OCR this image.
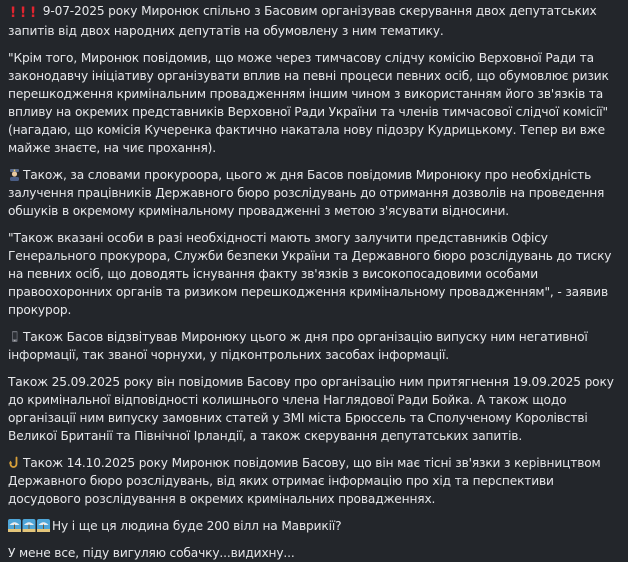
! ! ! 9-07-2025 року Миронюк спільно з Басовим організував скерування двох депутатських запитів від двох народних депутатів на обумовлену з ним тематику.
"Крім того, Миронюк повідомив, що може через тимчасову слідчу комісію Верховної Ради та законодавчу ініціативу організувати вплив на певні процеси певних осіб, що обумовлює ризик перешкодження кримінальним провадженням іншим чином з використанням його зв'язків та впливу на окремих представників Верховної Ради України та членів тимчасової слідчої комісії" (нагадаю, що комісія Кучеренка фактично накатала нову підозру Кудрицькому. Тепер ви вже майже знаєте, на чиє прохання).
Також, за словами прокуроора, цього ж дня Басов повідомив Миронюку про необхідність залучення працівників Державного бюро розслідувань до отримання дозволів на проведення обшуків в окремому кримінальному провадженні з метою з'ясувати відносини.
"Також вказані особи в разі необхідності мають змогу залучити представників Офісу Генерального прокурора, Служби безпеки України та Державного бюро розслідувань до тиску на певних осіб, що доводять існування факту зв'язків з високопосадовими особами правоохоронних органів та ризиком перешкодження кримінальному провадженням", - заявив прокурор.
Також Басов відзвітував Миронюку цього ж дня про організацію випуску ним негативної інформації, так званої чорнухи, у підконтрольних засобах інформації.
Також 25.09.2025 року він повідомив Басову про організацію ним притягнення 19.09.2025 року до кримінальної відповідності колишнього члена Наглядової Ради Бойка. А також щодо організації ним випуску замовних статей у ЗМІ міста Брюссель та Сполученому Королівстві Великої Британії та Північної Ірландії, а також скерування депутатських запитів.
Також 14.10.2025 року Миронюк повідомив Басову, що він має тісні зв'язки з керівництвом Державного бюро розслідувань, від яких отримає інформацію про хід та перспективи досудового розслідування в окремих кримінальних провадженнях.
Ну і ще ця людина буде 200 вілл на Маврикії?
У мене все, піду вигуляю собачку...видихну...
